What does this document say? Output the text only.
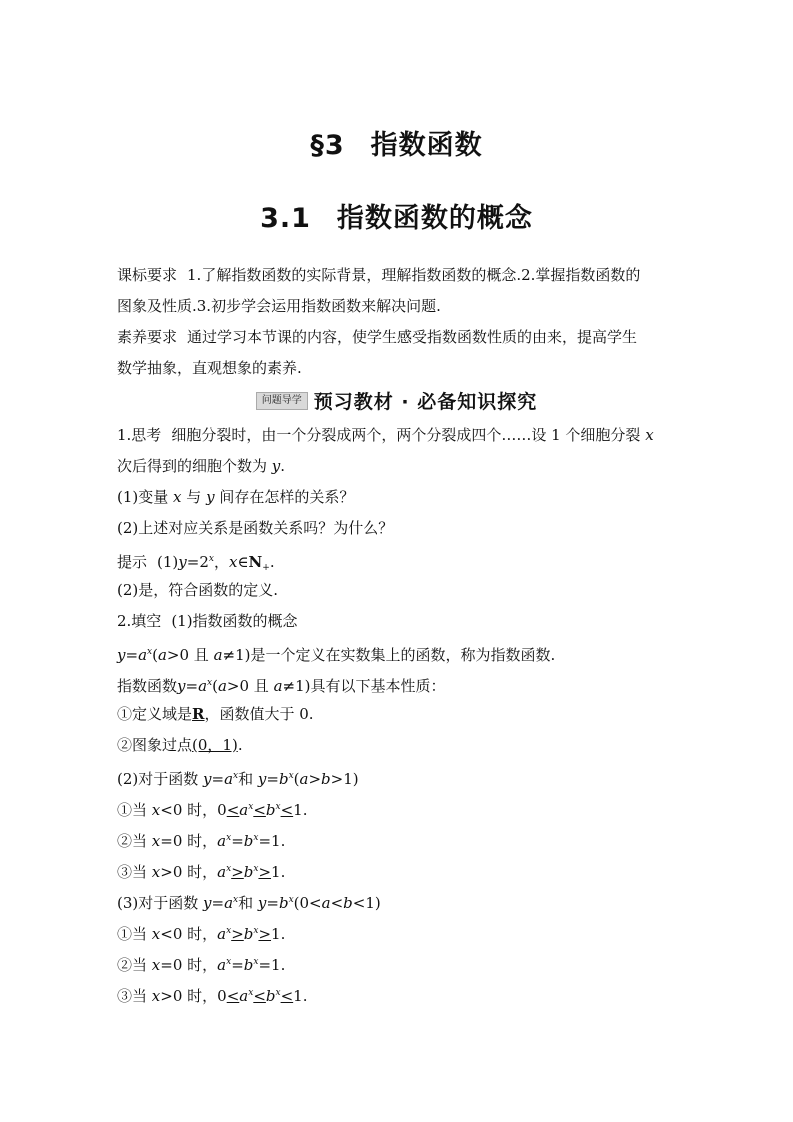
§3 指数函数
3.1 指数函数的概念
课标要求 1.了解指数函数的实际背景，理解指数函数的概念.2.掌握指数函数的
图象及性质.3.初步学会运用指数函数来解决问题.
素养要求 通过学习本节课的内容，使学生感受指数函数性质的由来，提高学生
数学抽象，直观想象的素养.
问题导学 预习教材 · 必备知识探究
1.思考 细胞分裂时，由一个分裂成两个，两个分裂成四个……设 1 个细胞分裂 x
次后得到的细胞个数为 y.
(1)变量 x 与 y 间存在怎样的关系？
(2)上述对应关系是函数关系吗？为什么？
提示 $(1)y=2^x$，$x\in N_+$.
(2)是，符合函数的定义.
2.填空 (1)指数函数的概念
$y=a^x(a>0$ 且 a≠1)是一个定义在实数集上的函数，称为指数函数.
指数函数$y=a^x(a>0$ 且 a≠1)具有以下基本性质：
①定义域是R，函数值大于 0.
②图象过点(0，1).
(2)对于函数 $y=a^x$和 $y=b^x(a>b>1)$
①当 x<0 时，$0<a^x<b^x<1$.
②当 x=0 时，$a^x=b^x=1$.
③当 x>0 时，$a^x>b^x>1$.
(3)对于函数 $y=a^x$和 $y=b^x(0<a<b<1)$
①当 x<0 时，$a^x>b^x>1$.
②当 x=0 时，$a^x=b^x=1$.
③当 x>0 时，$0<a^x<b^x<1$.
